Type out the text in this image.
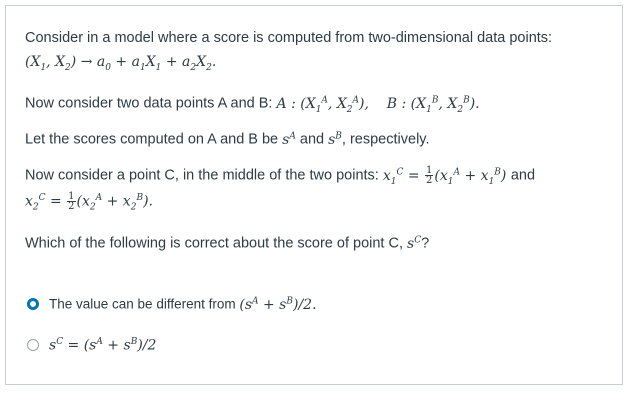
Consider in a model where a score is computed from two-dimensional data points:
($X_1$, $X_2) \to a_0 + a_1X_1 + a_2X_2$.
Now consider two data points A and B: A : ($X_1^A$, $X_2^A$),    B : ($X_1^B$, $X_2^B$).
Let the scores computed on A and B be $s^A$ and $s^B$, respectively.
Now consider a point C, in the middle of the two points: $x_1^C = \frac{1}{2} (x_1^A + x_1^B)$ and
$x_2^C = \frac{1}{2} (x_2^A + x_2^B)$.
Which of the following is correct about the score of point C, $s^C$?
The value can be different from $(s^A + s^B)/2$.
$s^C = (s^A + s^B)/2$
